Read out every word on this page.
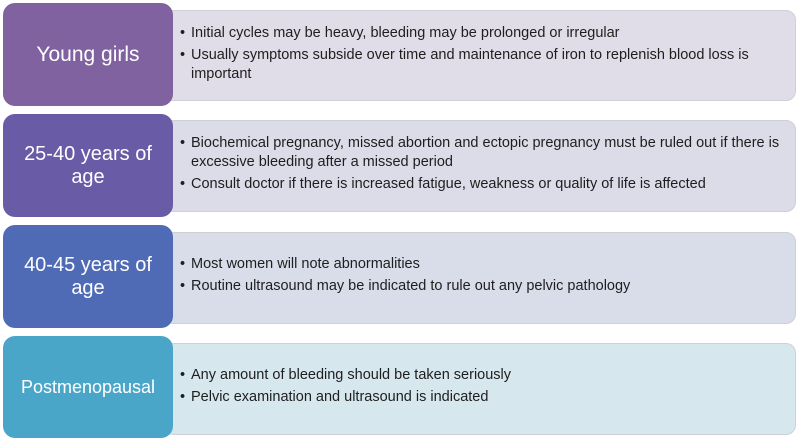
Young girls
• Initial cycles may be heavy, bleeding may be prolonged or irregular
• Usually symptoms subside over time and maintenance of iron to replenish blood loss is important
25-40 years of age
• Biochemical pregnancy, missed abortion and ectopic pregnancy must be ruled out if there is excessive bleeding after a missed period
• Consult doctor if there is increased fatigue, weakness or quality of life is affected
40-45 years of age
• Most women will note abnormalities
• Routine ultrasound may be indicated to rule out any pelvic pathology
Postmenopausal
• Any amount of bleeding should be taken seriously
• Pelvic examination and ultrasound is indicated
